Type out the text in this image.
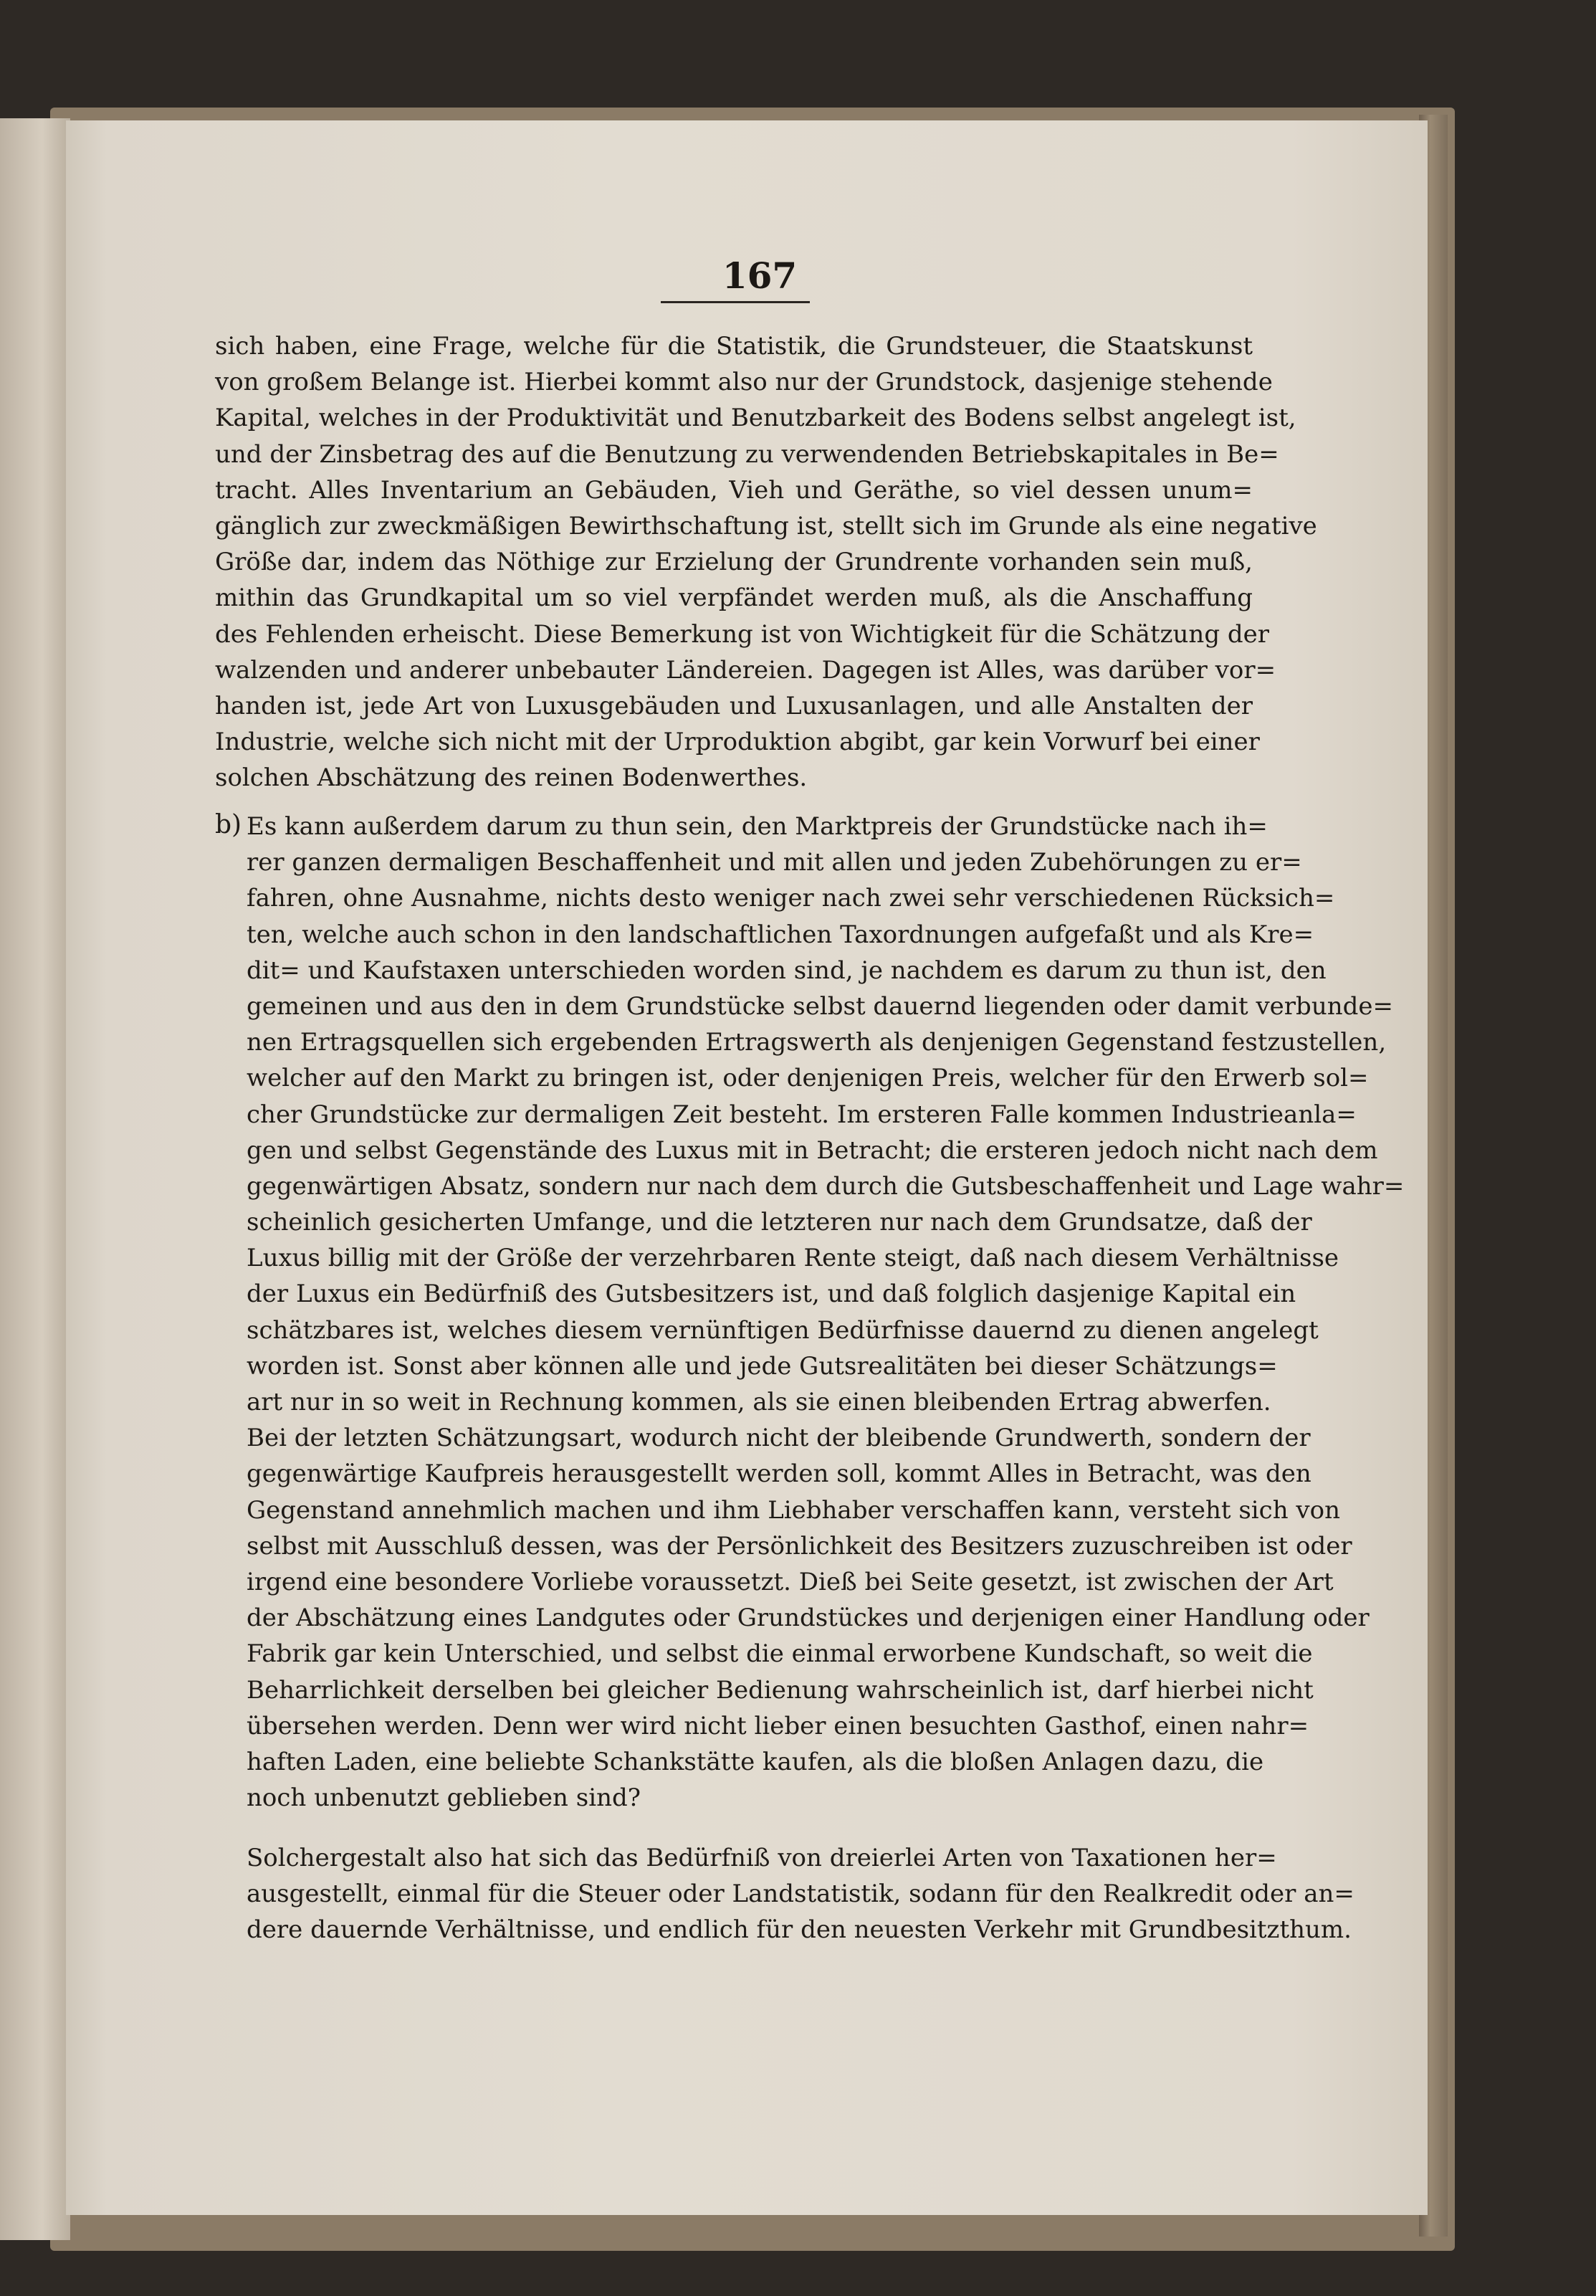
167
sich haben, eine Frage, welche für die Statistik, die Grundsteuer, die Staatskunst
von großem Belange ist. Hierbei kommt also nur der Grundstock, dasjenige stehende
Kapital, welches in der Produktivität und Benutzbarkeit des Bodens selbst angelegt ist,
und der Zinsbetrag des auf die Benutzung zu verwendenden Betriebskapitales in Be=
tracht. Alles Inventarium an Gebäuden, Vieh und Geräthe, so viel dessen unum=
gänglich zur zweckmäßigen Bewirthschaftung ist, stellt sich im Grunde als eine negative
Größe dar, indem das Nöthige zur Erzielung der Grundrente vorhanden sein muß,
mithin das Grundkapital um so viel verpfändet werden muß, als die Anschaffung
des Fehlenden erheischt. Diese Bemerkung ist von Wichtigkeit für die Schätzung der
walzenden und anderer unbebauter Ländereien. Dagegen ist Alles, was darüber vor=
handen ist, jede Art von Luxusgebäuden und Luxusanlagen, und alle Anstalten der
Industrie, welche sich nicht mit der Urproduktion abgibt, gar kein Vorwurf bei einer
solchen Abschätzung des reinen Bodenwerthes.
b) Es kann außerdem darum zu thun sein, den Marktpreis der Grundstücke nach ih=
rer ganzen dermaligen Beschaffenheit und mit allen und jeden Zubehörungen zu er=
fahren, ohne Ausnahme, nichts desto weniger nach zwei sehr verschiedenen Rücksich=
ten, welche auch schon in den landschaftlichen Taxordnungen aufgefaßt und als Kre=
dit= und Kaufstaxen unterschieden worden sind, je nachdem es darum zu thun ist, den
gemeinen und aus den in dem Grundstücke selbst dauernd liegenden oder damit verbunde=
nen Ertragsquellen sich ergebenden Ertragswerth als denjenigen Gegenstand festzustellen,
welcher auf den Markt zu bringen ist, oder denjenigen Preis, welcher für den Erwerb sol=
cher Grundstücke zur dermaligen Zeit besteht. Im ersteren Falle kommen Industrieanla=
gen und selbst Gegenstände des Luxus mit in Betracht; die ersteren jedoch nicht nach dem
gegenwärtigen Absatz, sondern nur nach dem durch die Gutsbeschaffenheit und Lage wahr=
scheinlich gesicherten Umfange, und die letzteren nur nach dem Grundsatze, daß der
Luxus billig mit der Größe der verzehrbaren Rente steigt, daß nach diesem Verhältnisse
der Luxus ein Bedürfniß des Gutsbesitzers ist, und daß folglich dasjenige Kapital ein
schätzbares ist, welches diesem vernünftigen Bedürfnisse dauernd zu dienen angelegt
worden ist. Sonst aber können alle und jede Gutsrealitäten bei dieser Schätzungs=
art nur in so weit in Rechnung kommen, als sie einen bleibenden Ertrag abwerfen.
Bei der letzten Schätzungsart, wodurch nicht der bleibende Grundwerth, sondern der
gegenwärtige Kaufpreis herausgestellt werden soll, kommt Alles in Betracht, was den
Gegenstand annehmlich machen und ihm Liebhaber verschaffen kann, versteht sich von
selbst mit Ausschluß dessen, was der Persönlichkeit des Besitzers zuzuschreiben ist oder
irgend eine besondere Vorliebe voraussetzt. Dieß bei Seite gesetzt, ist zwischen der Art
der Abschätzung eines Landgutes oder Grundstückes und derjenigen einer Handlung oder
Fabrik gar kein Unterschied, und selbst die einmal erworbene Kundschaft, so weit die
Beharrlichkeit derselben bei gleicher Bedienung wahrscheinlich ist, darf hierbei nicht
übersehen werden. Denn wer wird nicht lieber einen besuchten Gasthof, einen nahr=
haften Laden, eine beliebte Schankstätte kaufen, als die bloßen Anlagen dazu, die
noch unbenutzt geblieben sind?
Solchergestalt also hat sich das Bedürfniß von dreierlei Arten von Taxationen her=
ausgestellt, einmal für die Steuer oder Landstatistik, sodann für den Realkredit oder an=
dere dauernde Verhältnisse, und endlich für den neuesten Verkehr mit Grundbesitzthum.
